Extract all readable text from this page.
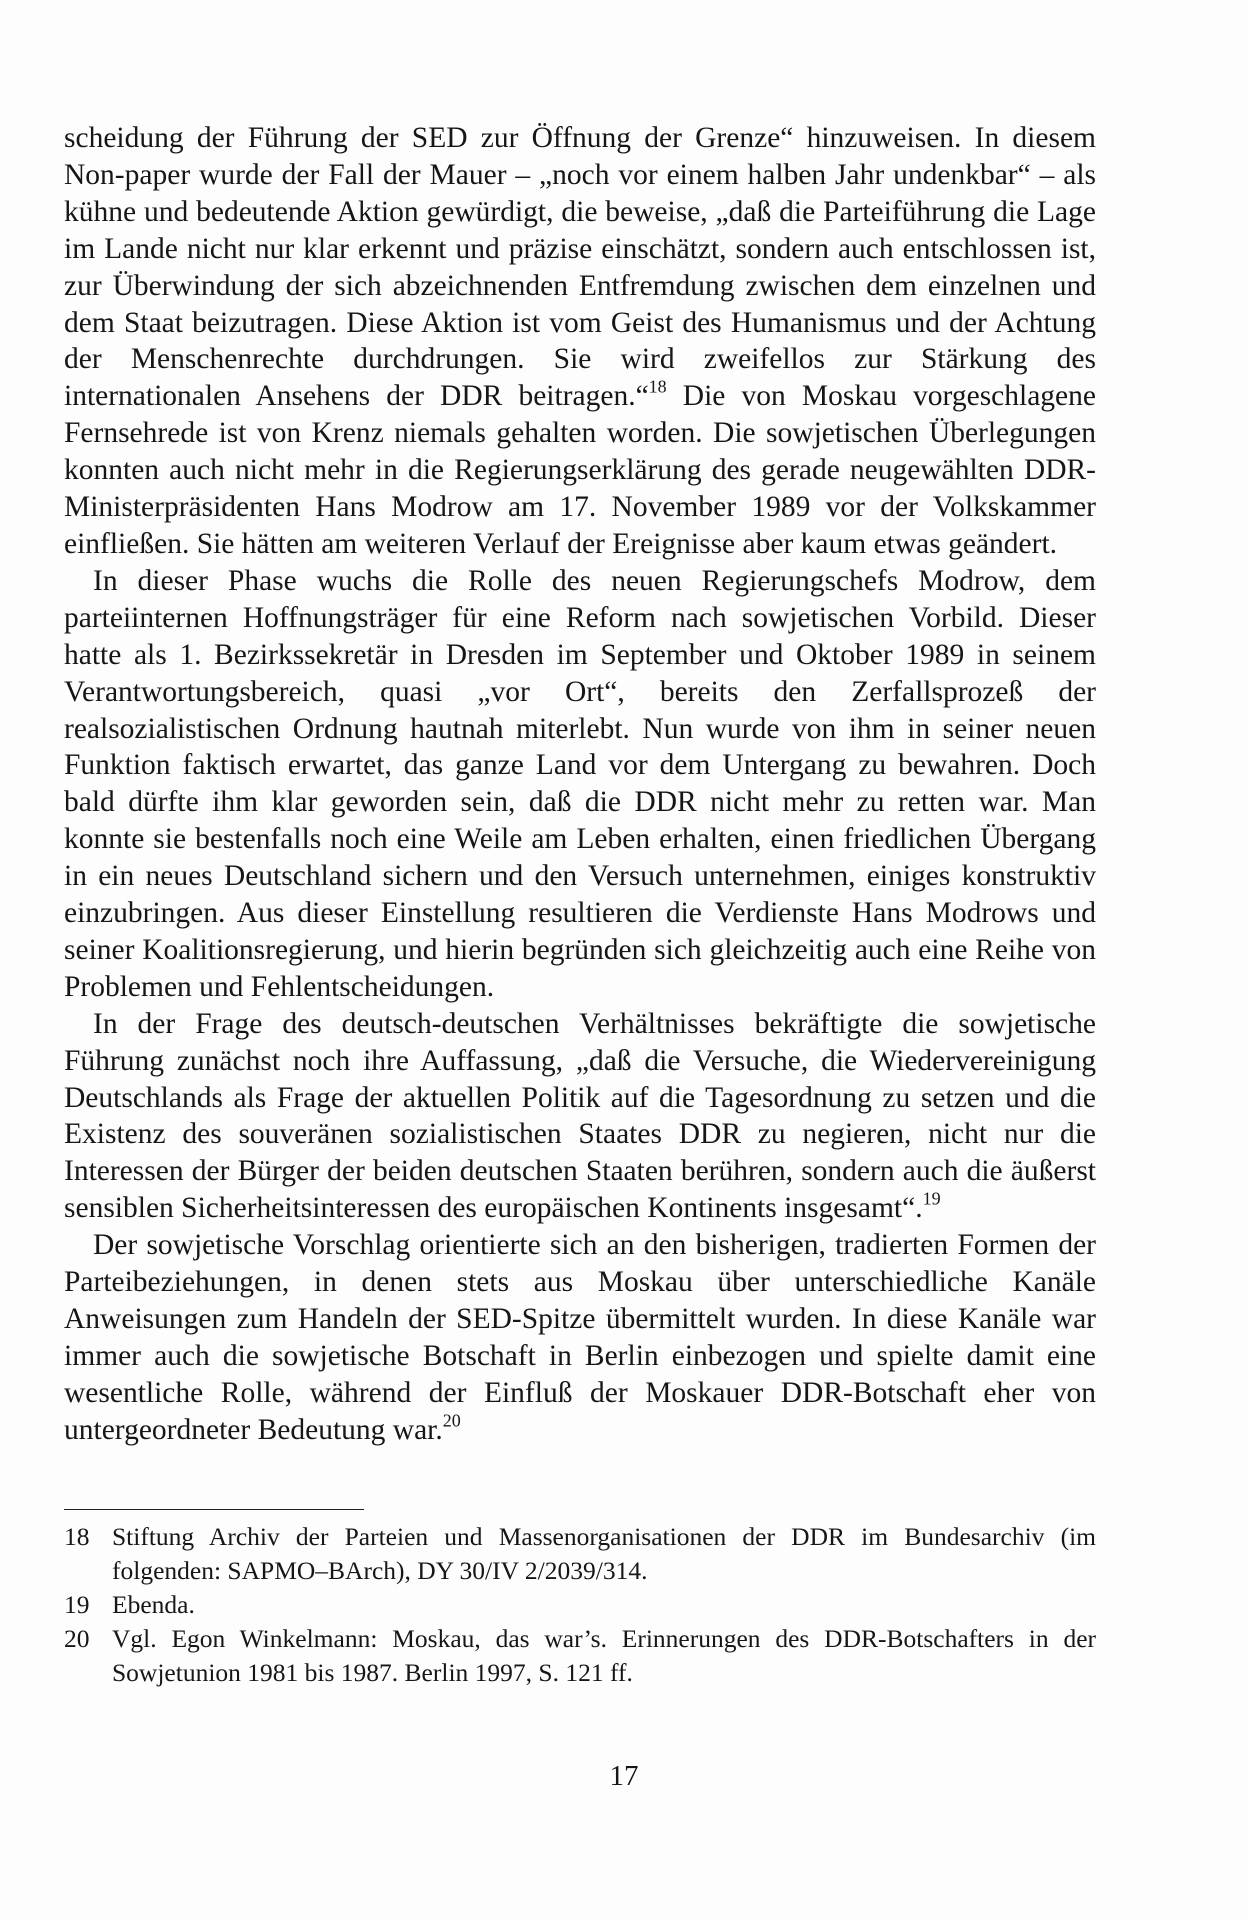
scheidung der Führung der SED zur Öffnung der Grenze“ hinzuweisen. In diesem Non-paper wurde der Fall der Mauer – „noch vor einem halben Jahr undenkbar“ – als kühne und bedeutende Aktion gewürdigt, die beweise, „daß die Parteiführung die Lage im Lande nicht nur klar erkennt und präzise einschätzt, sondern auch entschlossen ist, zur Überwindung der sich abzeichnenden Entfremdung zwischen dem einzelnen und dem Staat beizutragen. Diese Aktion ist vom Geist des Humanismus und der Achtung der Menschenrechte durchdrungen. Sie wird zweifellos zur Stärkung des internationalen Ansehens der DDR beitragen.“$^{18}$ Die von Moskau vorgeschlagene Fernsehrede ist von Krenz niemals gehalten worden. Die sowjetischen Überlegungen konnten auch nicht mehr in die Regierungserklärung des gerade neugewählten DDR-Ministerpräsidenten Hans Modrow am 17. November 1989 vor der Volkskammer einfließen. Sie hätten am weiteren Verlauf der Ereignisse aber kaum etwas geändert.

In dieser Phase wuchs die Rolle des neuen Regierungschefs Modrow, dem parteiinternen Hoffnungsträger für eine Reform nach sowjetischen Vorbild. Dieser hatte als 1. Bezirkssekretär in Dresden im September und Oktober 1989 in seinem Verantwortungsbereich, quasi „vor Ort“, bereits den Zerfallsprozeß der realsozialistischen Ordnung hautnah miterlebt. Nun wurde von ihm in seiner neuen Funktion faktisch erwartet, das ganze Land vor dem Untergang zu bewahren. Doch bald dürfte ihm klar geworden sein, daß die DDR nicht mehr zu retten war. Man konnte sie bestenfalls noch eine Weile am Leben erhalten, einen friedlichen Übergang in ein neues Deutschland sichern und den Versuch unternehmen, einiges konstruktiv einzubringen. Aus dieser Einstellung resultieren die Verdienste Hans Modrows und seiner Koalitionsregierung, und hierin begründen sich gleichzeitig auch eine Reihe von Problemen und Fehlentscheidungen.

In der Frage des deutsch-deutschen Verhältnisses bekräftigte die sowjetische Führung zunächst noch ihre Auffassung, „daß die Versuche, die Wiedervereinigung Deutschlands als Frage der aktuellen Politik auf die Tagesordnung zu setzen und die Existenz des souveränen sozialistischen Staates DDR zu negieren, nicht nur die Interessen der Bürger der beiden deutschen Staaten berühren, sondern auch die äußerst sensiblen Sicherheitsinteressen des europäischen Kontinents insgesamt“.$^{19}$

Der sowjetische Vorschlag orientierte sich an den bisherigen, tradierten Formen der Parteibeziehungen, in denen stets aus Moskau über unterschiedliche Kanäle Anweisungen zum Handeln der SED-Spitze übermittelt wurden. In diese Kanäle war immer auch die sowjetische Botschaft in Berlin einbezogen und spielte damit eine wesentliche Rolle, während der Einfluß der Moskauer DDR-Botschaft eher von untergeordneter Bedeutung war.$^{20}$

18 Stiftung Archiv der Parteien und Massenorganisationen der DDR im Bundesarchiv (im folgenden: SAPMO–BArch), DY 30/IV 2/2039/314.
19 Ebenda.
20 Vgl. Egon Winkelmann: Moskau, das war’s. Erinnerungen des DDR-Botschafters in der Sowjetunion 1981 bis 1987. Berlin 1997, S. 121 ff.
17
